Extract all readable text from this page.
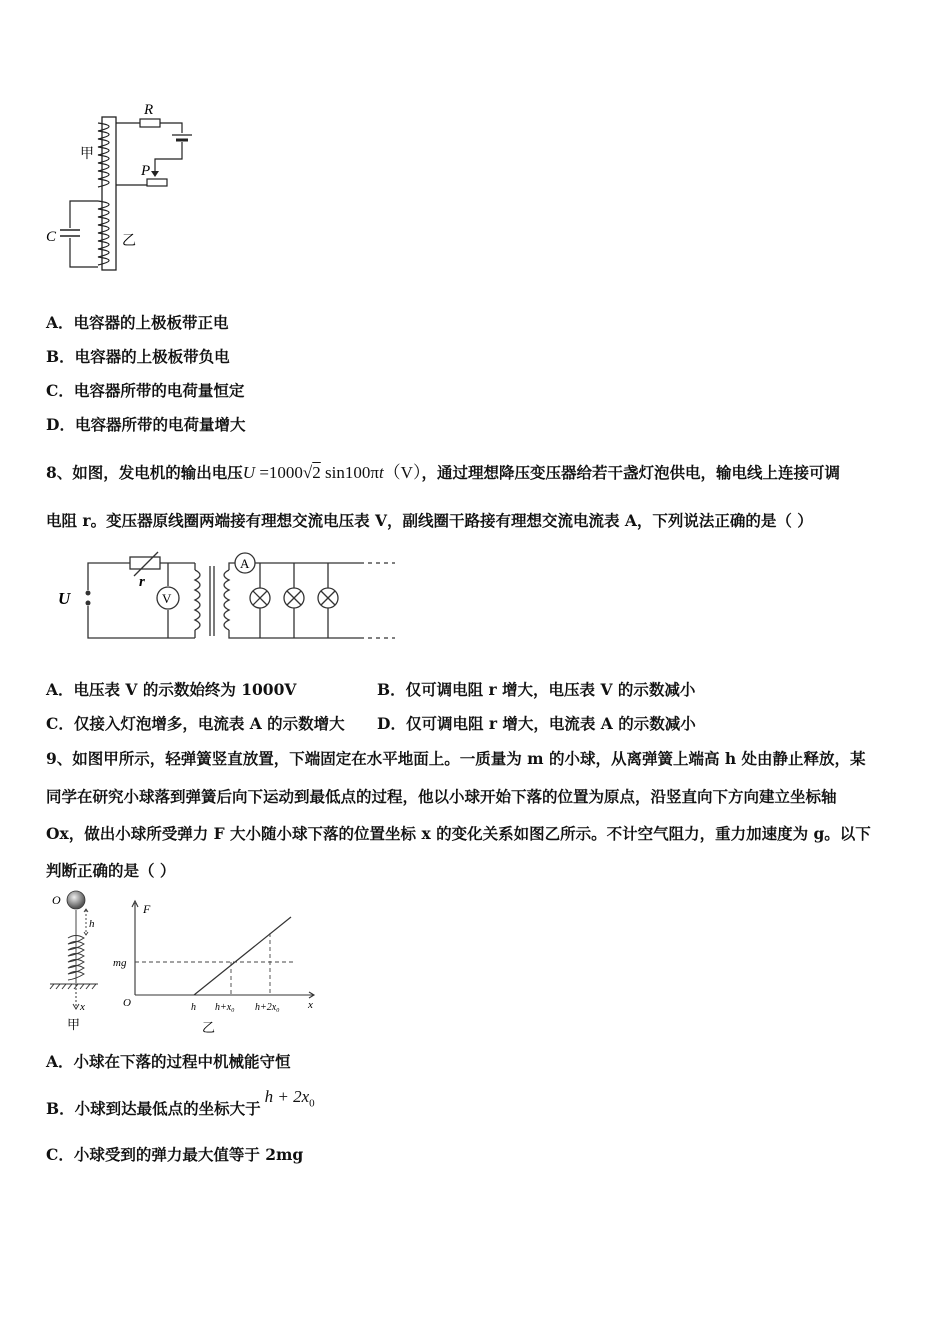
R
P
C
甲
乙
A．电容器的上极板带正电
B．电容器的上极板带负电
C．电容器所带的电荷量恒定
D．电容器所带的电荷量增大
8、如图，发电机的输出电压U =1000√2 sin100πt（V），通过理想降压变压器给若干盏灯泡供电，输电线上连接可调
电阻 r。变压器原线圈两端接有理想交流电压表 V，副线圈干路接有理想交流电流表 A，下列说法正确的是（ ）
U
r
V
A
A．电压表 V 的示数始终为 1000V	B．仅可调电阻 r 增大，电压表 V 的示数减小
C．仅接入灯泡增多，电流表 A 的示数增大 D．仅可调电阻 r 增大，电流表 A 的示数减小
9、如图甲所示，轻弹簧竖直放置，下端固定在水平地面上。一质量为 m 的小球，从离弹簧上端高 h 处由静止释放，某
同学在研究小球落到弹簧后向下运动到最低点的过程，他以小球开始下落的位置为原点，沿竖直向下方向建立坐标轴
Ox，做出小球所受弹力 F 大小随小球下落的位置坐标 x 的变化关系如图乙所示。不计空气阻力，重力加速度为 g。以下
判断正确的是（ ）
O
h
x
甲
F
mg
O	h h+x₀ h+2x₀	x
乙
A．小球在下落的过程中机械能守恒
B．小球到达最低点的坐标大于$h + 2x_0$
C．小球受到的弹力最大值等于 2mg
